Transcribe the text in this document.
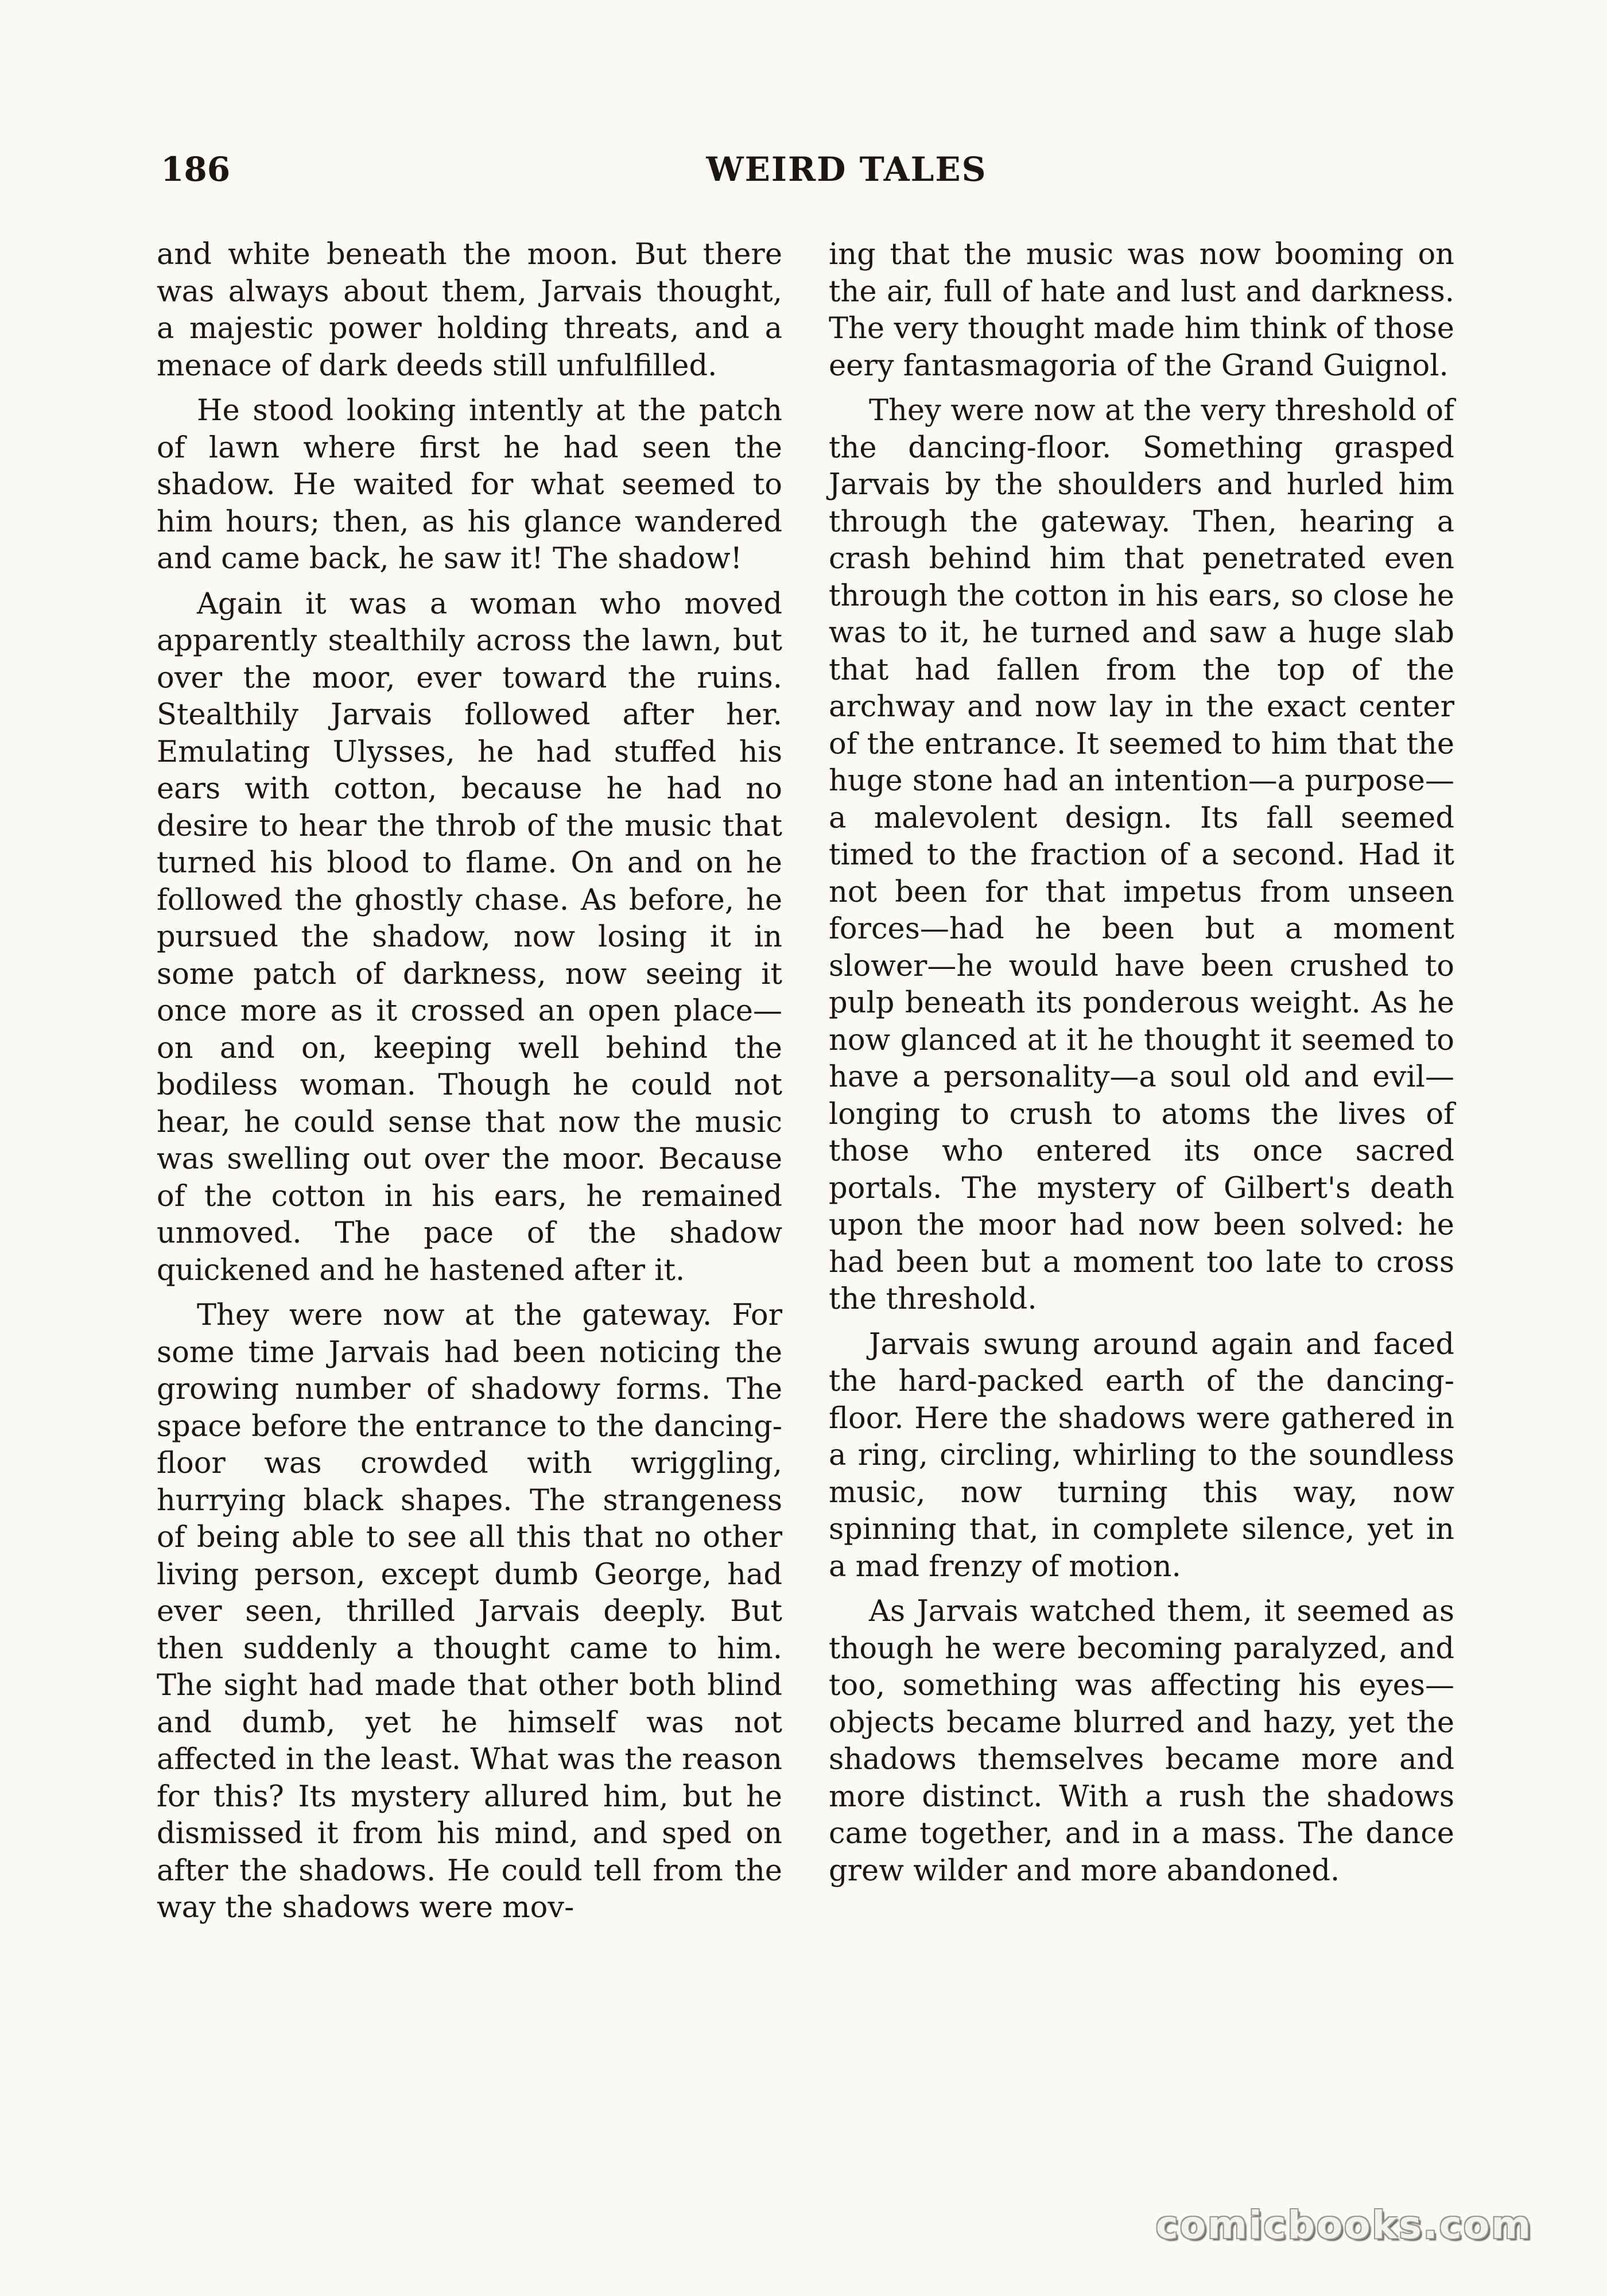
186	WEIRD TALES

and white beneath the moon. But there was always about them, Jarvais thought, a majestic power holding threats, and a menace of dark deeds still unfulfilled.

He stood looking intently at the patch of lawn where first he had seen the shadow. He waited for what seemed to him hours; then, as his glance wandered and came back, he saw it! The shadow!

Again it was a woman who moved apparently stealthily across the lawn, but over the moor, ever toward the ruins. Stealthily Jarvais followed after her. Emulating Ulysses, he had stuffed his ears with cotton, because he had no desire to hear the throb of the music that turned his blood to flame. On and on he followed the ghostly chase. As before, he pursued the shadow, now losing it in some patch of darkness, now seeing it once more as it crossed an open place—on and on, keeping well behind the bodiless woman. Though he could not hear, he could sense that now the music was swelling out over the moor. Because of the cotton in his ears, he remained unmoved. The pace of the shadow quickened and he hastened after it.

They were now at the gateway. For some time Jarvais had been noticing the growing number of shadowy forms. The space before the entrance to the dancing-floor was crowded with wriggling, hurrying black shapes. The strangeness of being able to see all this that no other living person, except dumb George, had ever seen, thrilled Jarvais deeply. But then suddenly a thought came to him. The sight had made that other both blind and dumb, yet he himself was not affected in the least. What was the reason for this? Its mystery allured him, but he dismissed it from his mind, and sped on after the shadows. He could tell from the way the shadows were mov-

ing that the music was now booming on the air, full of hate and lust and darkness. The very thought made him think of those eery fantasmagoria of the Grand Guignol.

They were now at the very threshold of the dancing-floor. Something grasped Jarvais by the shoulders and hurled him through the gateway. Then, hearing a crash behind him that penetrated even through the cotton in his ears, so close he was to it, he turned and saw a huge slab that had fallen from the top of the archway and now lay in the exact center of the entrance. It seemed to him that the huge stone had an intention—a purpose—a malevolent design. Its fall seemed timed to the fraction of a second. Had it not been for that impetus from unseen forces—had he been but a moment slower—he would have been crushed to pulp beneath its ponderous weight. As he now glanced at it he thought it seemed to have a personality—a soul old and evil—longing to crush to atoms the lives of those who entered its once sacred portals. The mystery of Gilbert's death upon the moor had now been solved: he had been but a moment too late to cross the threshold.

Jarvais swung around again and faced the hard-packed earth of the dancing-floor. Here the shadows were gathered in a ring, circling, whirling to the soundless music, now turning this way, now spinning that, in complete silence, yet in a mad frenzy of motion.

As Jarvais watched them, it seemed as though he were becoming paralyzed, and too, something was affecting his eyes—objects became blurred and hazy, yet the shadows themselves became more and more distinct. With a rush the shadows came together, and in a mass. The dance grew wilder and more abandoned.

comicbooks.com
